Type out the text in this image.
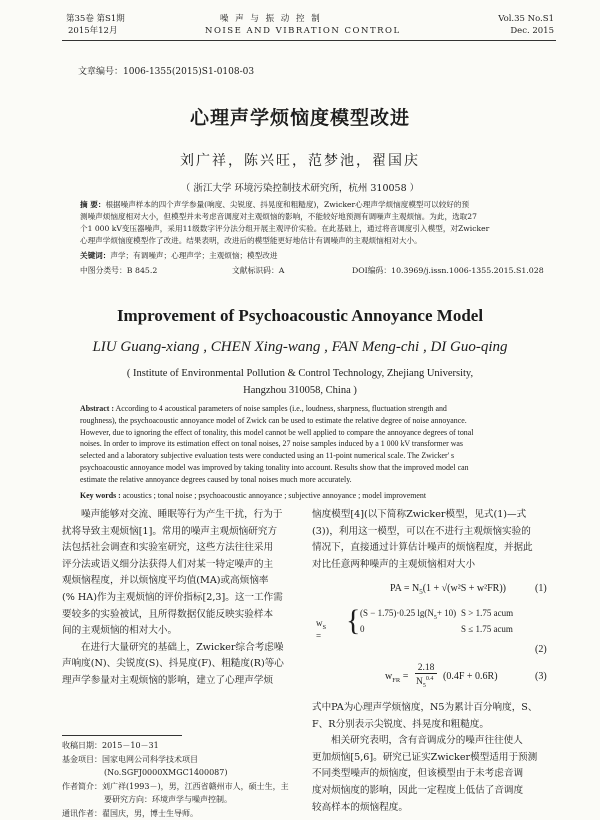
第35卷 第S1期
2015年12月
噪 声 与 振 动 控 制
NOISE AND VIBRATION CONTROL
Vol.35 No.S1
Dec. 2015
文章编号：1006-1355(2015)S1-0108-03
心理声学烦恼度模型改进
刘广祥，陈兴旺，范梦池，翟国庆
（ 浙江大学 环境污染控制技术研究所，杭州 310058 ）
摘 要：根据噪声样本的四个声学参量(响度、尖锐度、抖晃度和粗糙度)，Zwicker心理声学烦恼度模型可以较好的预
测噪声烦恼度相对大小，但模型并未考虑音调度对主观烦恼的影响，不能较好地预测有调噪声主观烦恼。为此，选取27
个1 000 kV变压器噪声，采用11级数字评分法分组开展主观评价实验。在此基础上，通过将音调度引入模型，对Zwicker
心理声学烦恼度模型作了改进。结果表明，改进后的模型能更好地估计有调噪声的主观烦恼相对大小。
关键词：声学；有调噪声；心理声学；主观烦恼；模型改进
中图分类号：B 845.2	文献标识码：A	DOI编码：10.3969/j.issn.1006-1355.2015.S1.028
Improvement of Psychoacoustic Annoyance Model
LIU Guang-xiang , CHEN Xing-wang , FAN Meng-chi , DI Guo-qing
( Institute of Environmental Pollution & Control Technology, Zhejiang University,
Hangzhou 310058, China )
Abstract : According to 4 acoustical parameters of noise samples (i.e., loudness, sharpness, fluctuation strength and
roughness), the psychoacoustic annoyance model of Zwick can be used to estimate the relative degree of noise annoyance.
However, due to ignoring the effect of tonality, this model cannot be well applied to compare the annoyance degrees of tonal
noises. In order to improve its estimation effect on tonal noises, 27 noise samples induced by a 1 000 kV transformer was
selected and a laboratory subjective evaluation tests were conducted using an 11-point numerical scale. The Zwicker' s
psychoacoustic annoyance model was improved by taking tonality into account. Results show that the improved model can
estimate the relative annoyance degrees caused by tonal noises much more accurately.
Key words : acoustics ; tonal noise ; psychoacoustic annoyance ; subjective annoyance ; model improvement
噪声能够对交流、睡眠等行为产生干扰，行为于
扰将导致主观烦恼[1]。常用的噪声主观烦恼研究方
法包括社会调查和实验室研究，这些方法往往采用
评分法或语义细分法获得人们对某一特定噪声的主
观烦恼程度，并以烦恼度平均值(MA)或高烦恼率
(% HA)作为主观烦恼的评价指标[2,3]。这一工作需
要较多的实验被试，且所得数据仅能反映实验样本
间的主观烦恼的相对大小。
在进行大量研究的基础上，Zwicker综合考虑噪
声响度(N)、尖锐度(S)、抖晃度(F)、粗糙度(R)等心
理声学参量对主观烦恼的影响，建立了心理声学烦
收稿日期：2015－10－31
基金项目：国家电网公司科学技术项目
(No.SGFJ0000XMGC1400087)
作者简介：刘广祥(1993－)，男，江西省赣州市人，硕士生，主
要研究方向：环境声学与噪声控制。
通讯作者：翟国庆，男，博士生导师。
恼度模型[4](以下简称Zwicker模型，见式(1)—式
(3))，利用这一模型，可以在不进行主观烦恼实验的
情况下，直接通过计算估计噪声的烦恼程度，并据此
对比任意两种噪声的主观烦恼相对大小
PA = $N_5(1 + √(w^2S + w^2FR))$	(1)
$w_S$ = { (S − 1.75)·0.25 $\lg(N_5+ 10)$
0
S > 1.75 acum
S ≤ 1.75 acum
(2)
$w_{FR}$ =
2.18
$N_5^{0.4}$ (0.4F + 0.6R)	(3)
式中PA为心理声学烦恼度，N5为累计百分响度，S、
F、R分别表示尖锐度、抖晃度和粗糙度。
相关研究表明，含有音调成分的噪声往往使人
更加烦恼[5,6]。研究已证实Zwicker模型适用于预测
不同类型噪声的烦恼度，但该模型由于未考虑音调
度对烦恼度的影响，因此一定程度上低估了音调度
较高样本的烦恼程度。
